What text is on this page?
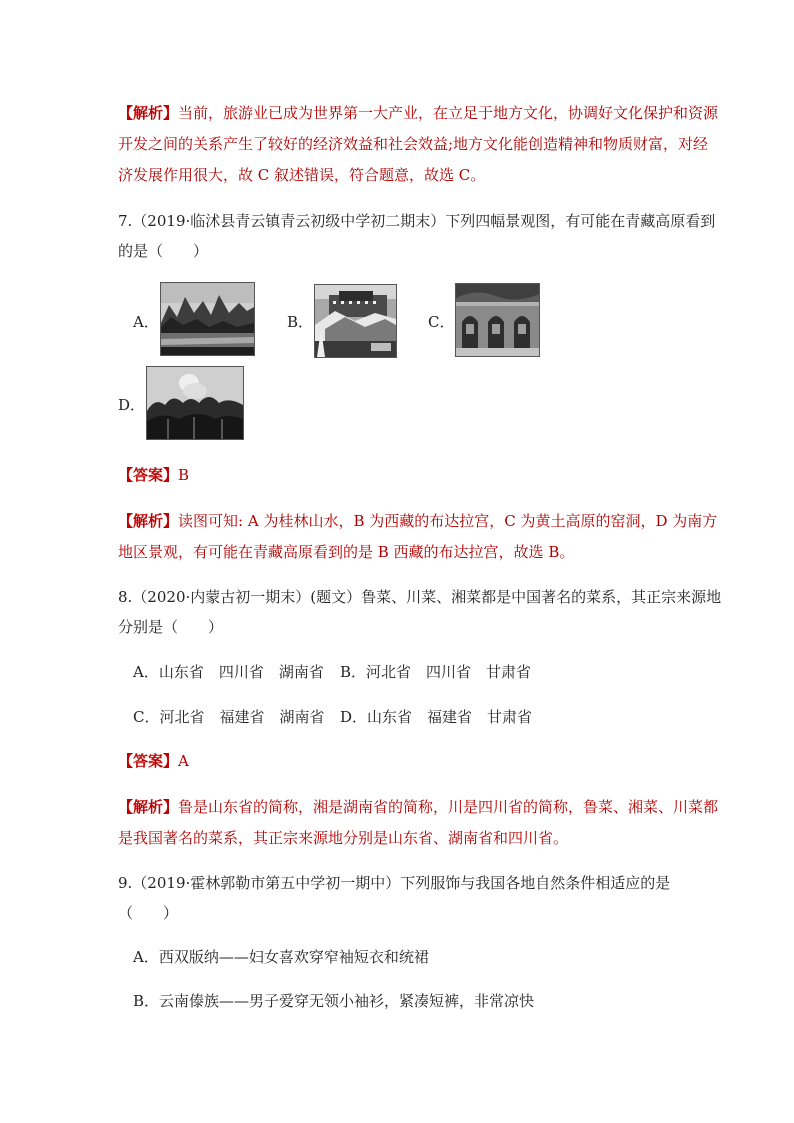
【解析】当前，旅游业已成为世界第一大产业，在立足于地方文化，协调好文化保护和资源
开发之间的关系产生了较好的经济效益和社会效益;地方文化能创造精神和物质财富，对经
济发展作用很大，故 C 叙述错误，符合题意，故选 C。
7.（2019·临沭县青云镇青云初级中学初二期末）下列四幅景观图，有可能在青藏高原看到
的是（　　）
A．	B．	C．
D．
【答案】B
【解析】读图可知: A 为桂林山水，B 为西藏的布达拉宫，C 为黄土高原的窑洞，D 为南方
地区景观，有可能在青藏高原看到的是 B 西藏的布达拉宫，故选 B。
8.（2020·内蒙古初一期末）(题文）鲁菜、川菜、湘菜都是中国著名的菜系，其正宗来源地
分别是（　　）
A．山东省　四川省　湖南省 B．河北省　四川省　甘肃省
C．河北省　福建省　湖南省 D．山东省　福建省　甘肃省
【答案】A
【解析】鲁是山东省的简称，湘是湖南省的简称，川是四川省的简称，鲁菜、湘菜、川菜都
是我国著名的菜系，其正宗来源地分别是山东省、湖南省和四川省。
9.（2019·霍林郭勒市第五中学初一期中）下列服饰与我国各地自然条件相适应的是
（　　）
A．西双版纳——妇女喜欢穿窄袖短衣和统裙
B．云南傣族——男子爱穿无领小袖衫，紧凑短裤，非常凉快
